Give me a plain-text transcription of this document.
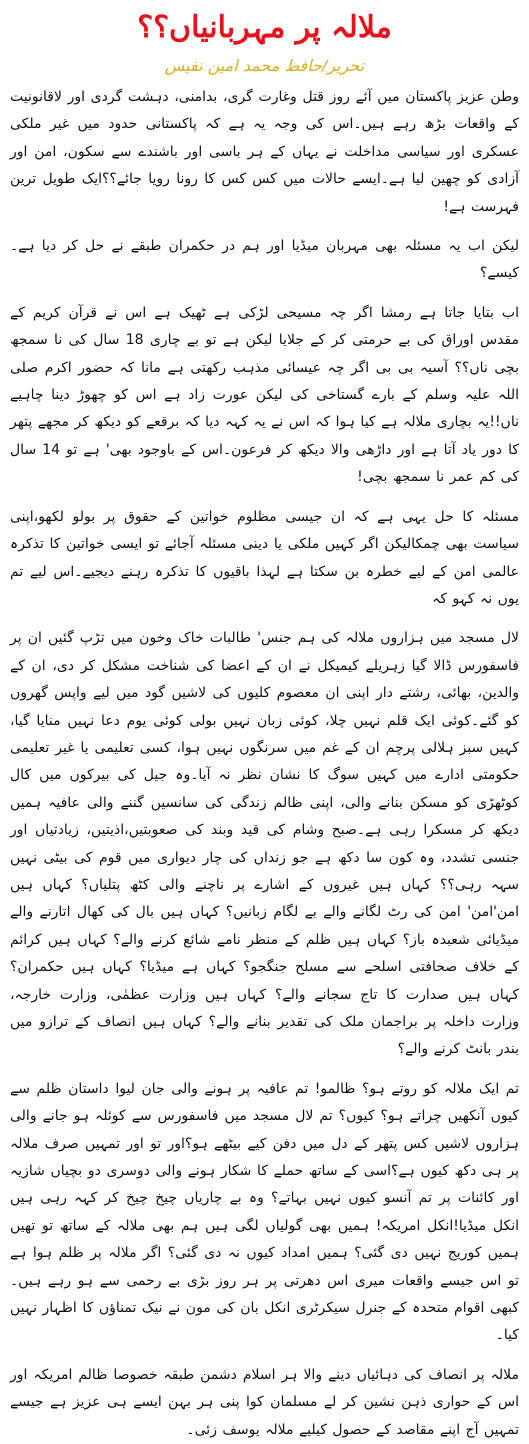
ملالہ پر مہربانیاں؟؟
تحریر/حافظ محمد امین نفیس

وطن عزیز پاکستان میں آئے روز قتل وغارت گری، بدامنی، دہشت گردی اور لاقانونیت کے واقعات بڑھ رہے ہیں۔اس کی وجہ یہ ہے کہ پاکستانی حدود میں غیر ملکی عسکری اور سیاسی مداخلت نے یہاں کے ہر باسی اور باشندے سے سکون، امن اور آزادی کو چھین لیا ہے۔ایسے حالات میں کس کس کا رونا رویا جائے؟؟ایک طویل ترین فہرست ہے!

لیکن اب یہ مسئلہ بھی مہربان میڈیا اور ہم در حکمران طبقے نے حل کر دیا ہے۔کیسے؟

اب بتایا جاتا ہے رمشا اگر چہ مسیحی لڑکی ہے ٹھیک ہے اس نے قرآن کریم کے مقدس اوراق کی بے حرمتی کر کے جلایا لیکن ہے تو بے چاری 18 سال کی نا سمجھ بچی ناں؟؟ آسیہ بی بی اگر چہ عیسائی مذہب رکھتی ہے مانا کہ حضور اکرم صلی اللہ علیہ وسلم کے بارے گستاخی کی لیکن عورت زاد ہے اس کو چھوڑ دینا چاہیے ناں!!یہ بچاری ملالہ ہے کیا ہوا کہ اس نے یہ کہہ دیا کہ برقعے کو دیکھ کر مجھے پتھر کا دور یاد آتا ہے اور داڑھی والا دیکھ کر فرعون۔اس کے باوجود بھی' ہے تو 14 سال کی کم عمر نا سمجھ بچی!

مسئلہ کا حل یہی ہے کہ ان جیسی مظلوم خواتین کے حقوق پر بولو لکھو،اپنی سیاست بھی چمکالیکن اگر کہیں ملکی یا دینی مسئلہ آجائے تو ایسی خواتین کا تذکرہ عالمی امن کے لیے خطرہ بن سکتا ہے لہذا باقیوں کا تذکرہ رہنے دیجیے۔اس لیے تم یوں نہ کہو کہ

لال مسجد میں ہزاروں ملالہ کی ہم جنس' طالبات خاک وخون میں تڑپ گئیں ان پر فاسفورس ڈالا گیا زہریلے کیمیکل نے ان کے اعضا کی شناخت مشکل کر دی، ان کے والدین، بھائی، رشتے دار اپنی ان معصوم کلیوں کی لاشیں گود میں لیے واپس گھروں کو گئے۔کوئی ایک قلم نہیں چلا، کوئی زبان نہیں بولی کوئی یوم دعا نہیں منایا گیا، کہیں سبز ہلالی پرچم ان کے غم میں سرنگوں نہیں ہوا، کسی تعلیمی یا غیر تعلیمی حکومتی ادارے میں کہیں سوگ کا نشان نظر نہ آیا۔وہ جیل کی بیرکوں میں کال کوٹھڑی کو مسکن بنانے والی، اپنی ظالم زندگی کی سانسیں گننے والی عافیہ ہمیں دیکھ کر مسکرا رہی ہے۔صبح وشام کی قید وبند کی صعوبتیں،اذیتیں، زیادتیاں اور جنسی تشدد، وہ کون سا دکھ ہے جو زنداں کی چار دیواری میں قوم کی بیٹی نہیں سہہ رہی؟؟ کہاں ہیں غیروں کے اشارے پر ناچنے والی کٹھ پتلیاں؟ کہاں ہیں امن'امن' امن کی رٹ لگانے والے بے لگام زبانیں؟ کہاں ہیں بال کی کھال اتارنے والے میڈیائی شعبدہ باز؟ کہاں ہیں ظلم کے منظر نامے شائع کرنے والے؟ کہاں ہیں کرائم کے خلاف صحافتی اسلحے سے مسلح جنگجو؟ کہاں ہے میڈیا؟ کہاں ہیں حکمران؟ کہاں ہیں صدارت کا تاج سجانے والے؟ کہاں ہیں وزارت عظمٰی، وزارت خارجہ، وزارت داخلہ پر براجمان ملک کی تقدیر بنانے والے؟ کہاں ہیں انصاف کے ترازو میں بندر بانٹ کرنے والے؟

تم ایک ملالہ کو روتے ہو؟ ظالمو! تم عافیہ پر ہونے والی جان لیوا داستان ظلم سے کیوں آنکھیں چراتے ہو؟ کیوں؟ تم لال مسجد میں فاسفورس سے کوئلہ ہو جانے والی ہزاروں لاشیں کس پتھر کے دل میں دفن کیے بیٹھے ہو؟اور تو اور تمہیں صرف ملالہ پر ہی دکھ کیوں ہے؟اسی کے ساتھ حملے کا شکار ہونے والی دوسری دو بچیاں شازیہ اور کائنات پر تم آنسو کیوں نہیں بہاتے؟ وہ بے چاریاں چیخ چیخ کر کہہ رہی ہیں انکل میڈیا!انکل امریکہ! ہمیں بھی گولیاں لگی ہیں ہم بھی ملالہ کے ساتھ تو تھیں ہمیں کوریج نہیں دی گئی؟ ہمیں امداد کیوں نہ دی گئی؟ اگر ملالہ پر ظلم ہوا ہے تو اس جیسے واقعات میری اس دھرتی پر ہر روز بڑی بے رحمی سے ہو رہے ہیں۔کبھی اقوام متحدہ کے جنرل سیکرٹری انکل بان کی مون نے نیک تمناؤں کا اظہار نہیں کیا۔

ملالہ پر انصاف کی دہائیاں دینے والا ہر اسلام دشمن طبقہ خصوصا ظالم امریکہ اور اس کے حواری ذہن نشین کر لے مسلمان کوا پنی ہر بہن ایسے ہی عزیز ہے جیسے تمہیں آج اپنے مقاصد کے حصول کیلیے ملالہ یوسف زئی۔
